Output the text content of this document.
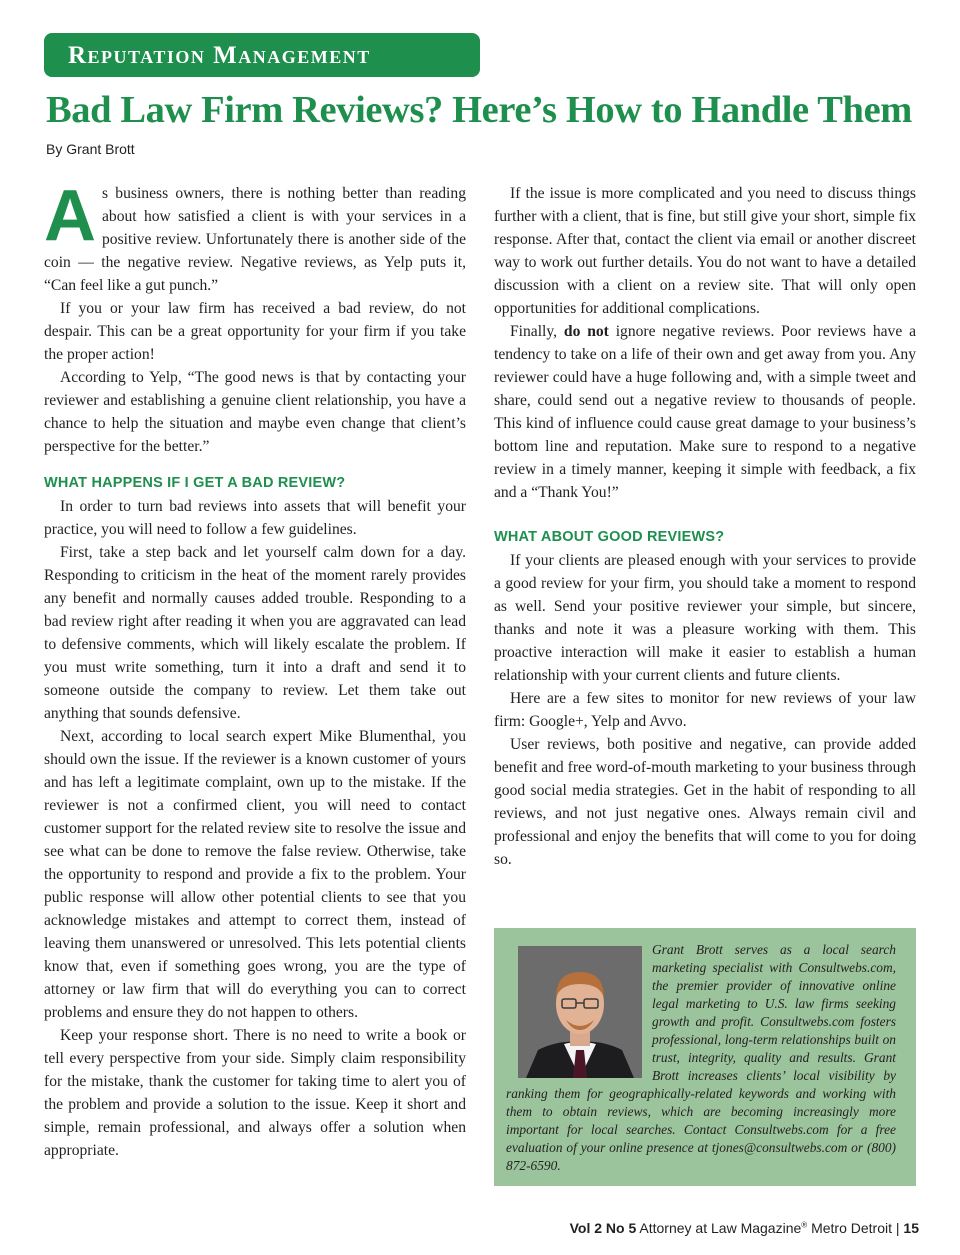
Reputation Management
Bad Law Firm Reviews? Here’s How to Handle Them
By Grant Brott

As business owners, there is nothing better than reading about how satisfied a client is with your services in a positive review. Unfortunately there is another side of the coin — the negative review. Negative reviews, as Yelp puts it, “Can feel like a gut punch.”

If you or your law firm has received a bad review, do not despair. This can be a great opportunity for your firm if you take the proper action!

According to Yelp, “The good news is that by contacting your reviewer and establishing a genuine client relationship, you have a chance to help the situation and maybe even change that client’s perspective for the better.”

WHAT HAPPENS IF I GET A BAD REVIEW?

In order to turn bad reviews into assets that will benefit your practice, you will need to follow a few guidelines.

First, take a step back and let yourself calm down for a day. Responding to criticism in the heat of the moment rarely provides any benefit and normally causes added trouble. Responding to a bad review right after reading it when you are aggravated can lead to defensive comments, which will likely escalate the problem. If you must write something, turn it into a draft and send it to someone outside the company to review. Let them take out anything that sounds defensive.

Next, according to local search expert Mike Blumenthal, you should own the issue. If the reviewer is a known customer of yours and has left a legitimate complaint, own up to the mistake. If the reviewer is not a confirmed client, you will need to contact customer support for the related review site to resolve the issue and see what can be done to remove the false review. Otherwise, take the opportunity to respond and provide a fix to the problem. Your public response will allow other potential clients to see that you acknowledge mistakes and attempt to correct them, instead of leaving them unanswered or unresolved. This lets potential clients know that, even if something goes wrong, you are the type of attorney or law firm that will do everything you can to correct problems and ensure they do not happen to others.

Keep your response short. There is no need to write a book or tell every perspective from your side. Simply claim responsibility for the mistake, thank the customer for taking time to alert you of the problem and provide a solution to the issue. Keep it short and simple, remain professional, and always offer a solution when appropriate.

If the issue is more complicated and you need to discuss things further with a client, that is fine, but still give your short, simple fix response. After that, contact the client via email or another discreet way to work out further details. You do not want to have a detailed discussion with a client on a review site. That will only open opportunities for additional complications.

Finally, do not ignore negative reviews. Poor reviews have a tendency to take on a life of their own and get away from you. Any reviewer could have a huge following and, with a simple tweet and share, could send out a negative review to thousands of people. This kind of influence could cause great damage to your business’s bottom line and reputation. Make sure to respond to a negative review in a timely manner, keeping it simple with feedback, a fix and a “Thank You!”

WHAT ABOUT GOOD REVIEWS?

If your clients are pleased enough with your services to provide a good review for your firm, you should take a moment to respond as well. Send your positive reviewer your simple, but sincere, thanks and note it was a pleasure working with them. This proactive interaction will make it easier to establish a human relationship with your current clients and future clients.

Here are a few sites to monitor for new reviews of your law firm: Google+, Yelp and Avvo.

User reviews, both positive and negative, can provide added benefit and free word-of-mouth marketing to your business through good social media strategies. Get in the habit of responding to all reviews, and not just negative ones. Always remain civil and professional and enjoy the benefits that will come to you for doing so.

Grant Brott serves as a local search marketing specialist with Consultwebs.com, the premier provider of innovative online legal marketing to U.S. law firms seeking growth and profit. Consultwebs.com fosters professional, long-term relationships built on trust, integrity, quality and results. Grant Brott increases clients’ local visibility by ranking them for geographically-related keywords and working with them to obtain reviews, which are becoming increasingly more important for local searches. Contact Consultwebs.com for a free evaluation of your online presence at tjones@consultwebs.com or (800) 872-6590.

Vol 2 No 5 Attorney at Law Magazine® Metro Detroit | 15
